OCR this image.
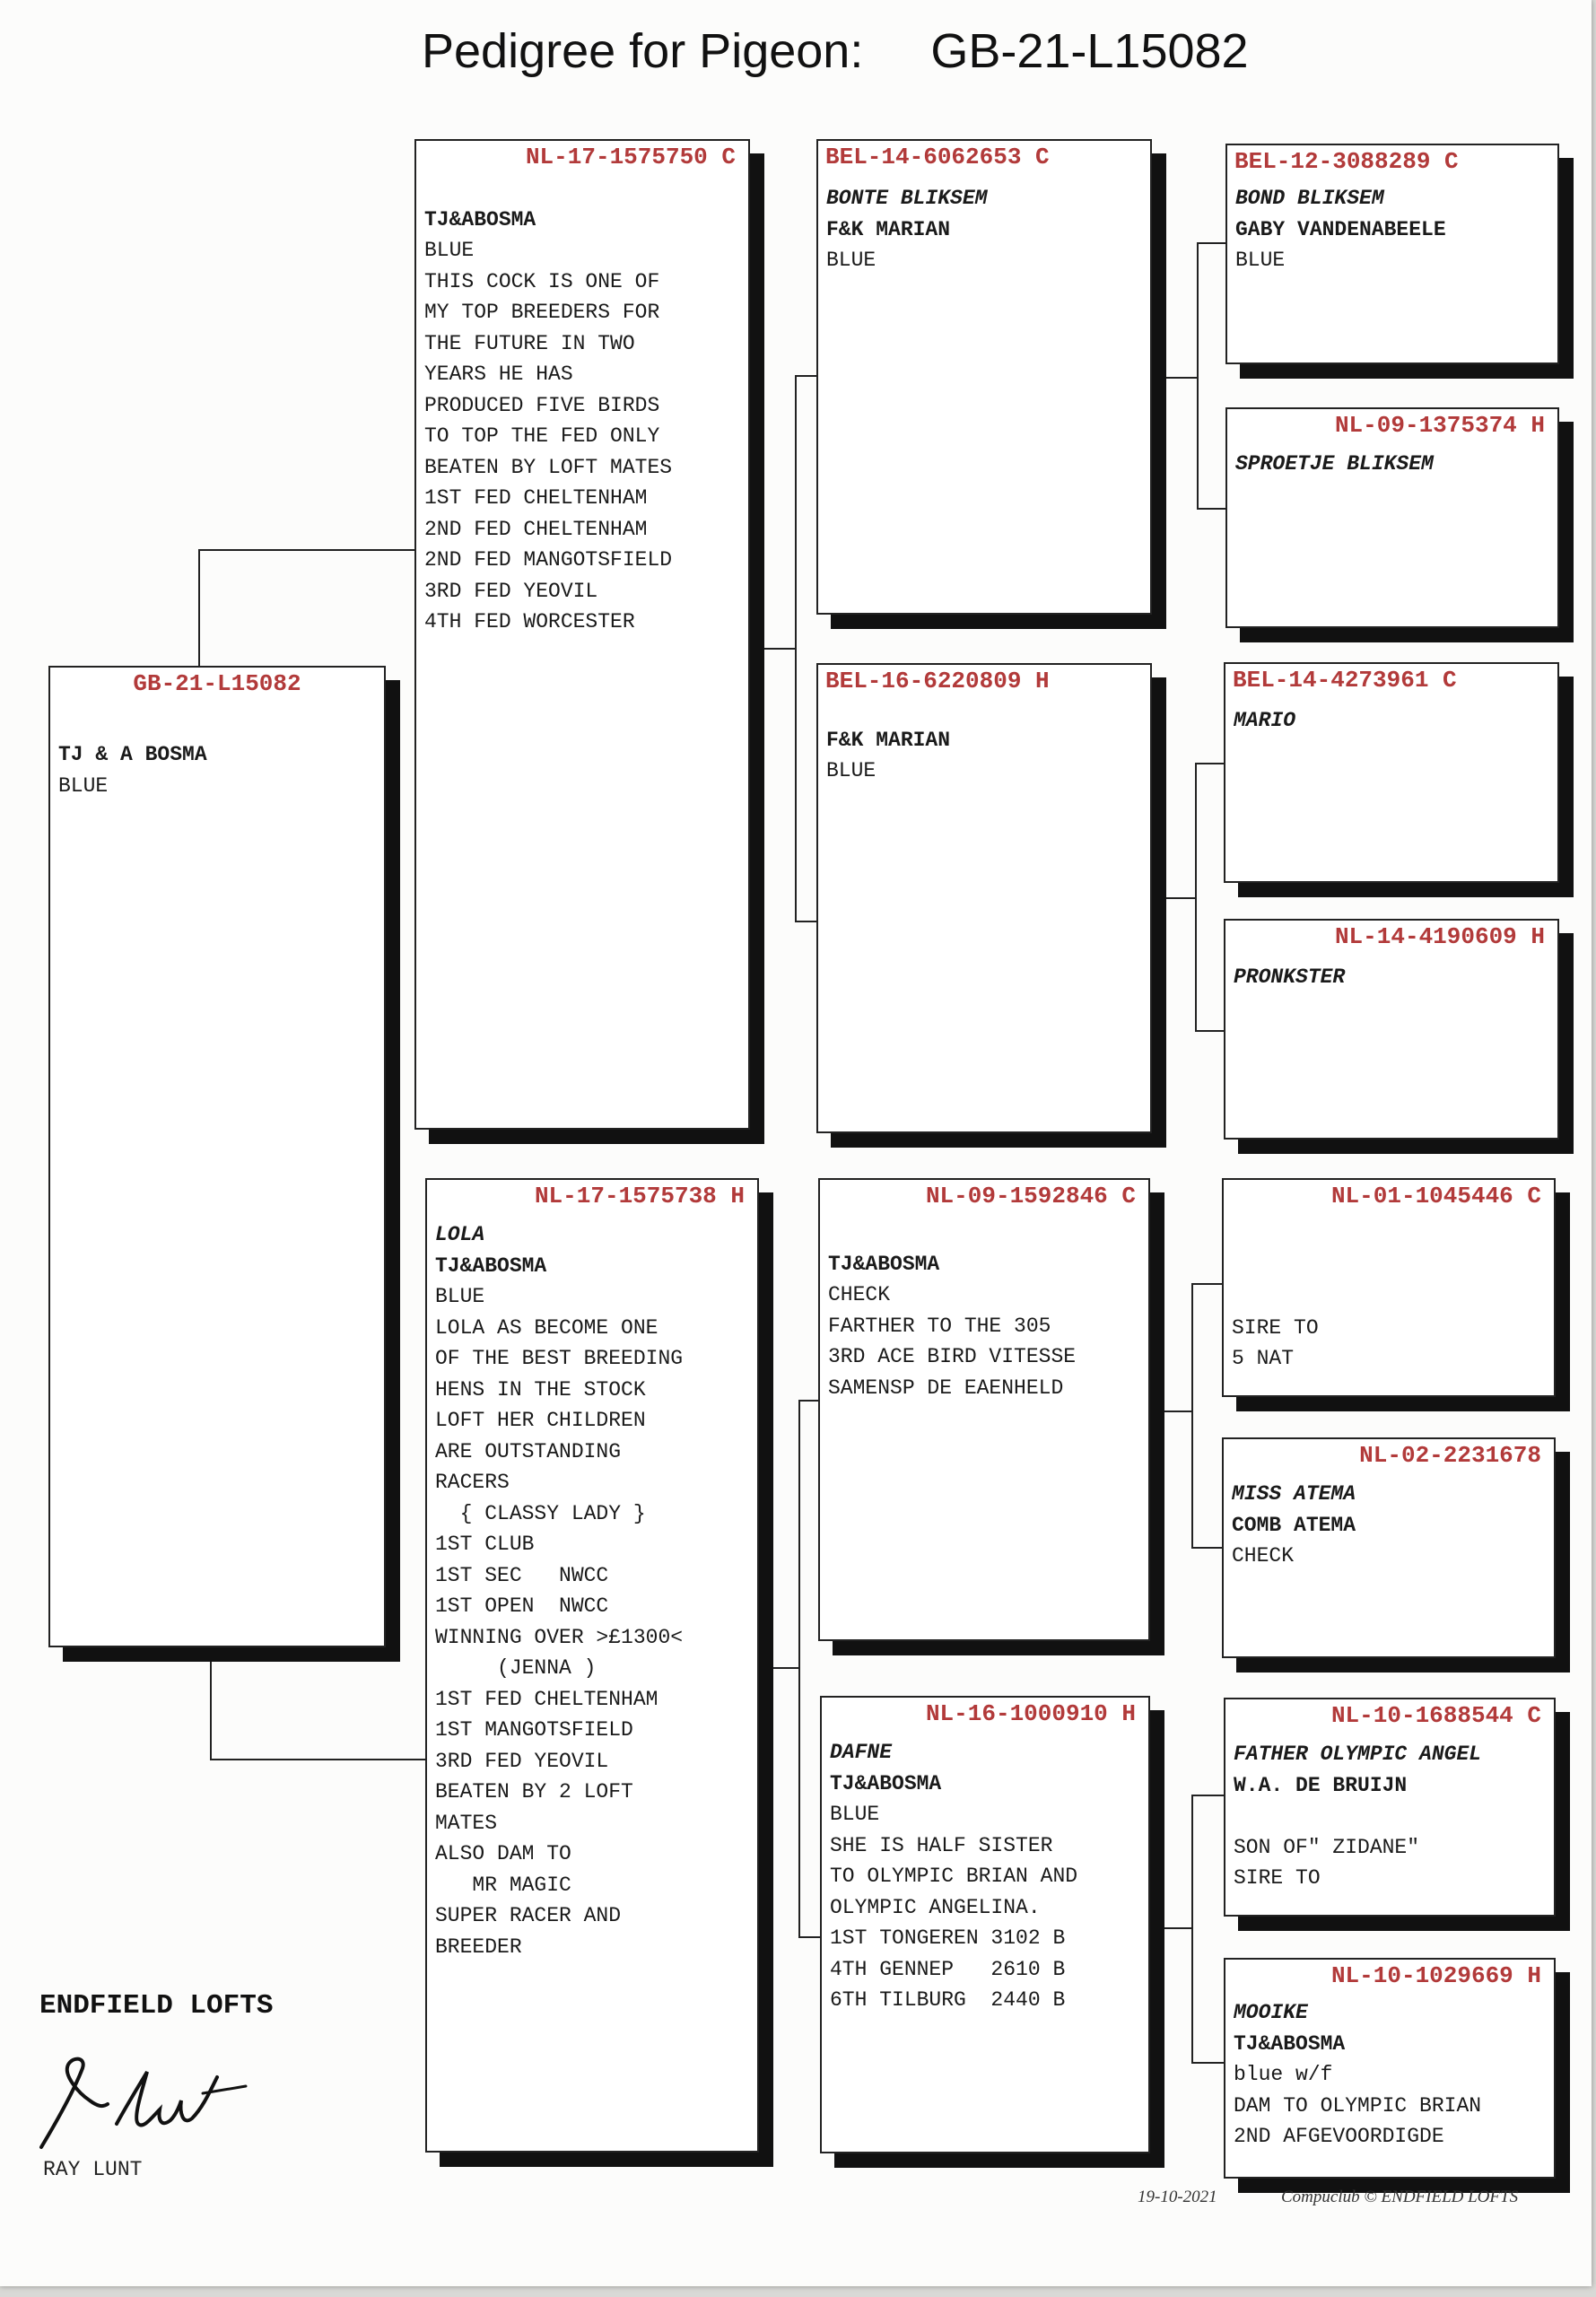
Pedigree for Pigeon:     GB-21-L15082
GB-21-L15082
TJ & A BOSMA
BLUE
NL-17-1575750 C
TJ&ABOSMA
BLUE
THIS COCK IS ONE OF
MY TOP BREEDERS FOR
THE FUTURE IN TWO
YEARS HE HAS
PRODUCED FIVE BIRDS
TO TOP THE FED ONLY
BEATEN BY LOFT MATES
1ST FED CHELTENHAM
2ND FED CHELTENHAM
2ND FED MANGOTSFIELD
3RD FED YEOVIL
4TH FED WORCESTER
NL-17-1575738 H
LOLA
TJ&ABOSMA
BLUE
LOLA AS BECOME ONE
OF THE BEST BREEDING
HENS IN THE STOCK
LOFT HER CHILDREN
ARE OUTSTANDING
RACERS
{ CLASSY LADY }
1ST CLUB
1ST SEC   NWCC
1ST OPEN  NWCC
WINNING OVER >£1300<
(JENNA )
1ST FED CHELTENHAM
1ST MANGOTSFIELD
3RD FED YEOVIL
BEATEN BY 2 LOFT
MATES
ALSO DAM TO
MR MAGIC
SUPER RACER AND
BREEDER
BEL-14-6062653 C
BONTE BLIKSEM
F&K MARIAN
BLUE
BEL-16-6220809 H
F&K MARIAN
BLUE
NL-09-1592846 C
TJ&ABOSMA
CHECK
FARTHER TO THE 305
3RD ACE BIRD VITESSE
SAMENSP DE EAENHELD
NL-16-1000910 H
DAFNE
TJ&ABOSMA
BLUE
SHE IS HALF SISTER
TO OLYMPIC BRIAN AND
OLYMPIC ANGELINA.
1ST TONGEREN 3102 B
4TH GENNEP   2610 B
6TH TILBURG  2440 B
BEL-12-3088289 C
BOND BLIKSEM
GABY VANDENABEELE
BLUE
NL-09-1375374 H
SPROETJE BLIKSEM
BEL-14-4273961 C
MARIO
NL-14-4190609 H
PRONKSTER
NL-01-1045446 C
SIRE TO
5 NAT
NL-02-2231678
MISS ATEMA
COMB ATEMA
CHECK
NL-10-1688544 C
FATHER OLYMPIC ANGEL
W.A. DE BRUIJN
SON OF" ZIDANE"
SIRE TO
NL-10-1029669 H
MOOIKE
TJ&ABOSMA
blue w/f
DAM TO OLYMPIC BRIAN
2ND AFGEVOORDIGDE
ENDFIELD LOFTS
RAY LUNT
19-10-2021	Compuclub © ENDFIELD LOFTS
